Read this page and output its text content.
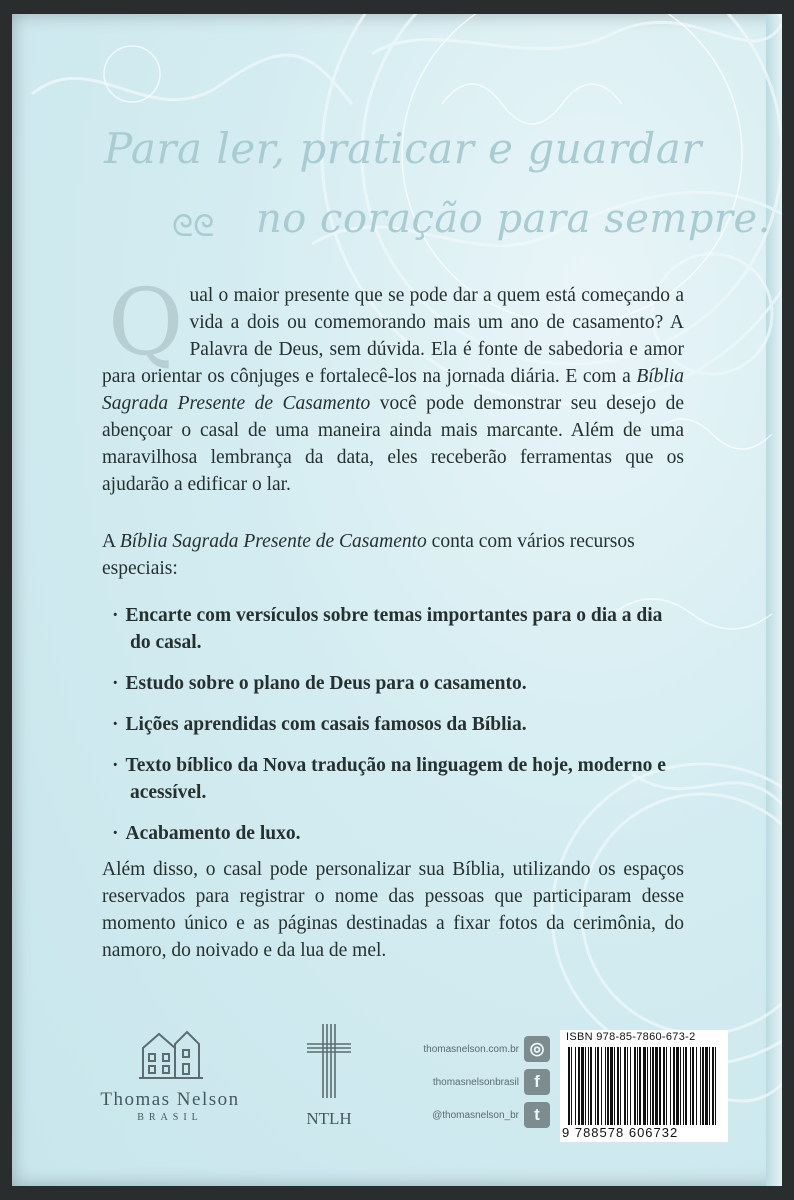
Para ler, praticar e guardar
ᘓᘓ no coração para sempre.
Qual o maior presente que se pode dar a quem está começando a vida a dois ou comemorando mais um ano de casamento? A Palavra de Deus, sem dúvida. Ela é fonte de sabedoria e amor para orientar os cônjuges e fortalecê-los na jornada diária. E com a Bíblia Sagrada Presente de Casamento você pode demonstrar seu desejo de abençoar o casal de uma maneira ainda mais marcante. Além de uma maravilhosa lembrança da data, eles receberão ferramentas que os ajudarão a edificar o lar.
A Bíblia Sagrada Presente de Casamento conta com vários recursos especiais:
· Encarte com versículos sobre temas importantes para o dia a dia do casal.
· Estudo sobre o plano de Deus para o casamento.
· Lições aprendidas com casais famosos da Bíblia.
· Texto bíblico da Nova tradução na linguagem de hoje, moderno e acessível.
· Acabamento de luxo.
Além disso, o casal pode personalizar sua Bíblia, utilizando os espaços reservados para registrar o nome das pessoas que participaram desse momento único e as páginas destinadas a fixar fotos da cerimônia, do namoro, do noivado e da lua de mel.
Thomas Nelson
BRASIL	NTLH
thomasnelson.com.br ◎
thomasnelsonbrasil f
@thomasnelson_br t
ISBN 978-85-7860-673-2
9 788578 606732
